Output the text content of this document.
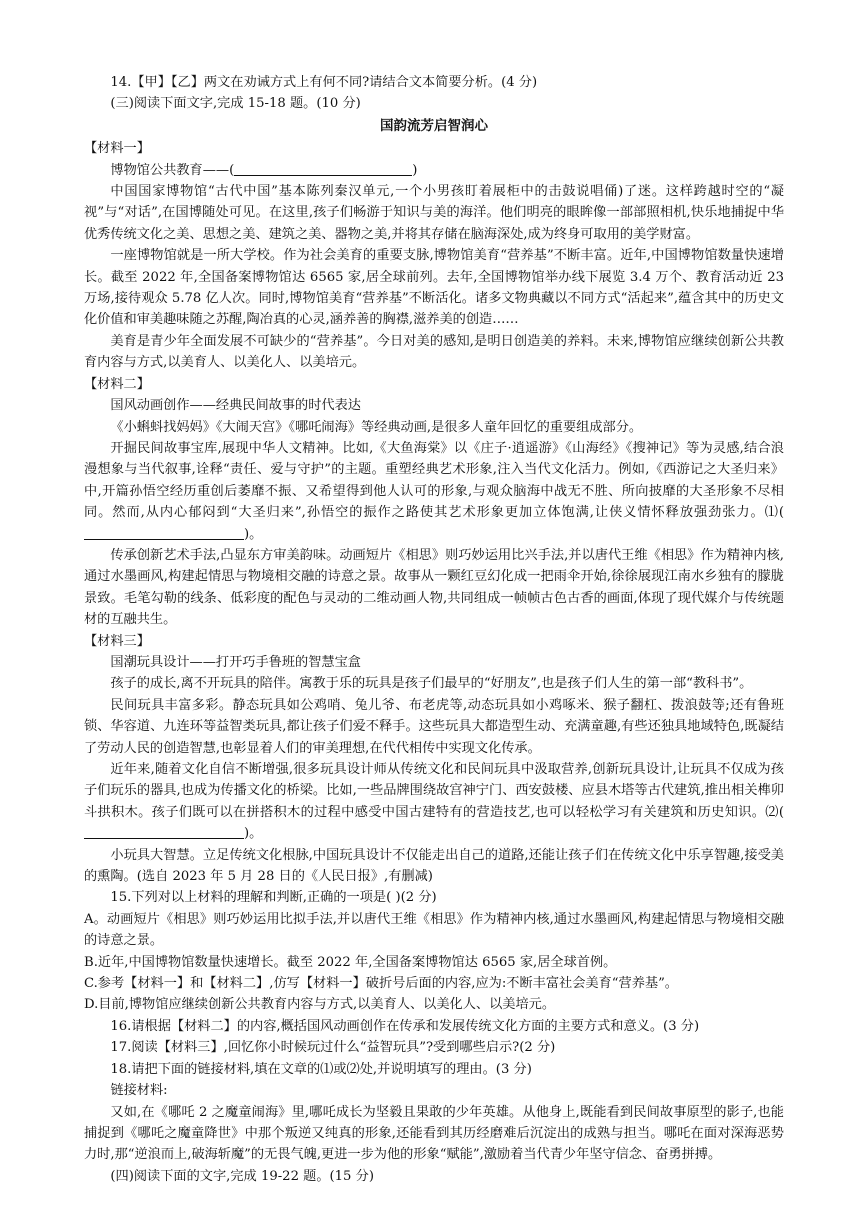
14.【甲】【乙】两文在劝诫方式上有何不同?请结合文本简要分析。(4 分)

(三)阅读下面文字,完成 15-18 题。(10 分)

国韵流芳启智润心

【材料一】

博物馆公共教育——(	)

中国国家博物馆“古代中国”基本陈列秦汉单元,一个小男孩盯着展柜中的击鼓说唱俑)了迷。这样跨越时空的“凝视”与“对话”,在国博随处可见。在这里,孩子们畅游于知识与美的海洋。他们明亮的眼眸像一部部照相机,快乐地捕捉中华优秀传统文化之美、思想之美、建筑之美、器物之美,并将其存储在脑海深处,成为终身可取用的美学财富。

一座博物馆就是一所大学校。作为社会美育的重要支脉,博物馆美育“营养基”不断丰富。近年,中国博物馆数量快速增长。截至 2022 年,全国备案博物馆达 6565 家,居全球前列。去年,全国博物馆举办线下展览 3.4 万个、教育活动近 23 万场,接待观众 5.78 亿人次。同时,博物馆美育“营养基”不断活化。诸多文物典藏以不同方式“活起来”,蕴含其中的历史文化价值和审美趣味随之苏醒,陶冶真的心灵,涵养善的胸襟,滋养美的创造……

美育是青少年全面发展不可缺少的“营养基”。今日对美的感知,是明日创造美的养料。未来,博物馆应继续创新公共教育内容与方式,以美育人、以美化人、以美培元。

【材料二】

国风动画创作——经典民间故事的时代表达

《小蝌蚪找妈妈》《大闹天宫》《哪吒闹海》等经典动画,是很多人童年回忆的重要组成部分。

开掘民间故事宝库,展现中华人文精神。比如,《大鱼海棠》以《庄子·逍遥游》《山海经》《搜神记》等为灵感,结合浪漫想象与当代叙事,诠释“责任、爱与守护”的主题。重塑经典艺术形象,注入当代文化活力。例如,《西游记之大圣归来》中,开篇孙悟空经历重创后萎靡不振、又希望得到他人认可的形象,与观众脑海中战无不胜、所向披靡的大圣形象不尽相同。然而,从内心郁闷到“大圣归来”,孙悟空的振作之路使其艺术形象更加立体饱满,让侠义情怀释放强劲张力。⑴()。

传承创新艺术手法,凸显东方审美韵味。动画短片《相思》则巧妙运用比兴手法,并以唐代王维《相思》作为精神内核,通过水墨画风,构建起情思与物境相交融的诗意之景。故事从一颗红豆幻化成一把雨伞开始,徐徐展现江南水乡独有的朦胧景致。毛笔勾勒的线条、低彩度的配色与灵动的二维动画人物,共同组成一帧帧古色古香的画面,体现了现代媒介与传统题材的互融共生。

【材料三】

国潮玩具设计——打开巧手鲁班的智慧宝盒

孩子的成长,离不开玩具的陪伴。寓教于乐的玩具是孩子们最早的“好朋友”,也是孩子们人生的第一部“教科书”。

民间玩具丰富多彩。静态玩具如公鸡哨、兔儿爷、布老虎等,动态玩具如小鸡啄米、猴子翻杠、拨浪鼓等;还有鲁班锁、华容道、九连环等益智类玩具,都让孩子们爱不释手。这些玩具大都造型生动、充满童趣,有些还独具地域特色,既凝结了劳动人民的创造智慧,也彰显着人们的审美理想,在代代相传中实现文化传承。

近年来,随着文化自信不断增强,很多玩具设计师从传统文化和民间玩具中汲取营养,创新玩具设计,让玩具不仅成为孩子们玩乐的器具,也成为传播文化的桥梁。比如,一些品牌围绕故宫神宁门、西安鼓楼、应县木塔等古代建筑,推出相关榫卯斗拱积木。孩子们既可以在拼搭积木的过程中感受中国古建特有的营造技艺,也可以轻松学习有关建筑和历史知识。⑵()。

小玩具大智慧。立足传统文化根脉,中国玩具设计不仅能走出自己的道路,还能让孩子们在传统文化中乐享智趣,接受美的熏陶。(选自 2023 年 5 月 28 日的《人民日报》,有删减)

15.下列对以上材料的理解和判断,正确的一项是( )(2 分)

A。动画短片《相思》则巧妙运用比拟手法,并以唐代王维《相思》作为精神内核,通过水墨画风,构建起情思与物境相交融的诗意之景。

B.近年,中国博物馆数量快速增长。截至 2022 年,全国备案博物馆达 6565 家,居全球首例。

C.参考【材料一】和【材料二】,仿写【材料一】破折号后面的内容,应为:不断丰富社会美育“营养基”。

D.目前,博物馆应继续创新公共教育内容与方式,以美育人、以美化人、以美培元。

16.请根据【材料二】的内容,概括国风动画创作在传承和发展传统文化方面的主要方式和意义。(3 分)

17.阅读【材料三】,回忆你小时候玩过什么“益智玩具”?受到哪些启示?(2 分)

18.请把下面的链接材料,填在文章的⑴或⑵处,并说明填写的理由。(3 分)

链接材料:

又如,在《哪吒 2 之魔童闹海》里,哪吒成长为坚毅且果敢的少年英雄。从他身上,既能看到民间故事原型的影子,也能捕捉到《哪吒之魔童降世》中那个叛逆又纯真的形象,还能看到其历经磨难后沉淀出的成熟与担当。哪吒在面对深海恶势力时,那“逆浪而上,破海斩魔”的无畏气魄,更进一步为他的形象“赋能”,激励着当代青少年坚守信念、奋勇拼搏。

(四)阅读下面的文字,完成 19-22 题。(15 分)
